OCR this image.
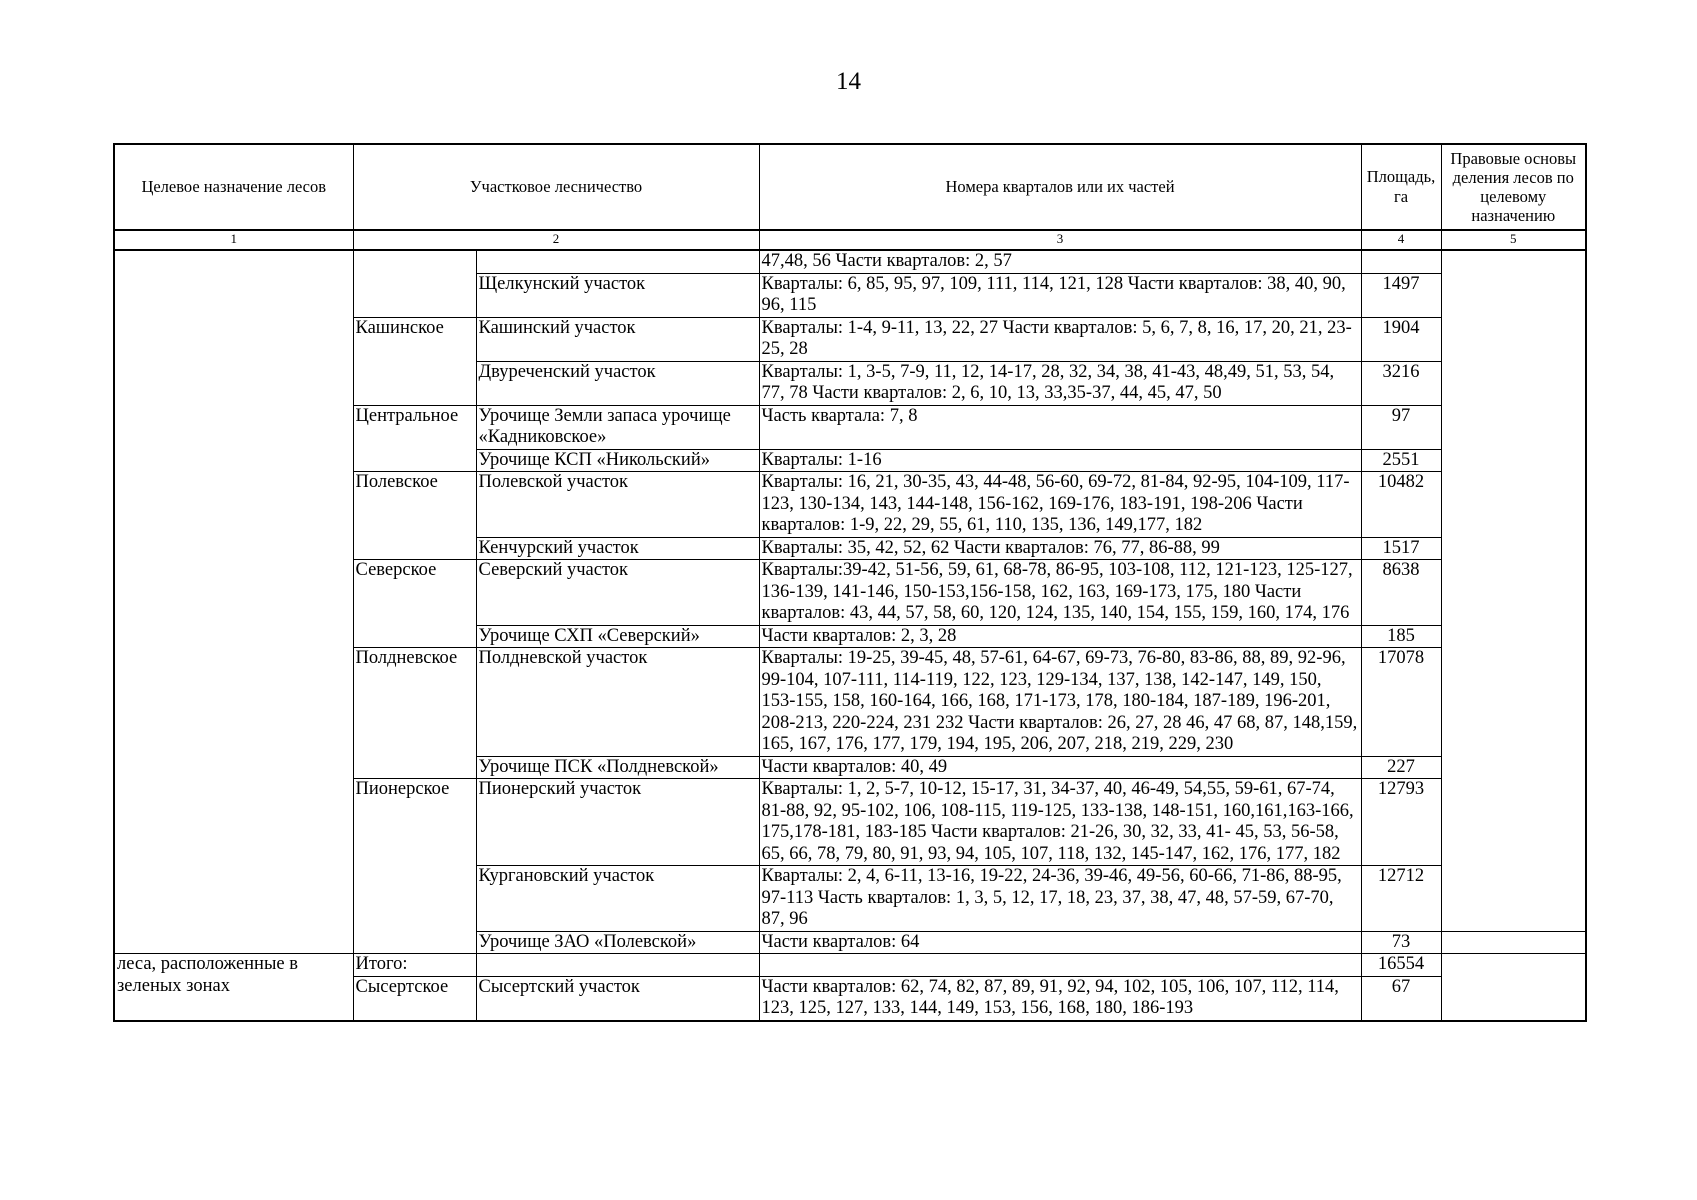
14
Целевое назначение лесов	Участковое лесничество		Номера кварталов или их частей	Площадь, га	Правовые основы деления лесов по целевому назначению
1	2		3	4	5
			47,48, 56 Части кварталов: 2, 57		
		Щелкунский участок	Кварталы: 6, 85, 95, 97, 109, 111, 114, 121, 128 Части кварталов: 38, 40, 90, 96, 115	1497	
	Кашинское	Кашинский участок	Кварталы: 1-4, 9-11, 13, 22, 27 Части кварталов: 5, 6, 7, 8, 16, 17, 20, 21, 23-25, 28	1904	
		Двуреченский участок	Кварталы: 1, 3-5, 7-9, 11, 12, 14-17, 28, 32, 34, 38, 41-43, 48,49, 51, 53, 54, 77, 78 Части кварталов: 2, 6, 10, 13, 33,35-37, 44, 45, 47, 50	3216	
	Центральное	Урочище Земли запаса урочище «Кадниковское»	Часть квартала: 7, 8	97	
		Урочище КСП «Никольский»	Кварталы: 1-16	2551	
	Полевское	Полевской участок	Кварталы: 16, 21, 30-35, 43, 44-48, 56-60, 69-72, 81-84, 92-95, 104-109, 117-123, 130-134, 143, 144-148, 156-162, 169-176, 183-191, 198-206 Части кварталов: 1-9, 22, 29, 55, 61, 110, 135, 136, 149,177, 182	10482	
		Кенчурский участок	Кварталы: 35, 42, 52, 62 Части кварталов: 76, 77, 86-88, 99	1517	
	Северское	Северский участок	Кварталы:39-42, 51-56, 59, 61, 68-78, 86-95, 103-108, 112, 121-123, 125-127, 136-139, 141-146, 150-153,156-158, 162, 163, 169-173, 175, 180 Части кварталов: 43, 44, 57, 58, 60, 120, 124, 135, 140, 154, 155, 159, 160, 174, 176	8638	
		Урочище СХП «Северский»	Части кварталов: 2, 3, 28	185	
	Полдневское	Полдневской участок	Кварталы: 19-25, 39-45, 48, 57-61, 64-67, 69-73, 76-80, 83-86, 88, 89, 92-96, 99-104, 107-111, 114-119, 122, 123, 129-134, 137, 138, 142-147, 149, 150, 153-155, 158, 160-164, 166, 168, 171-173, 178, 180-184, 187-189, 196-201, 208-213, 220-224, 231 232 Части кварталов: 26, 27, 28 46, 47 68, 87, 148,159, 165, 167, 176, 177, 179, 194, 195, 206, 207, 218, 219, 229, 230	17078	
		Урочище ПСК «Полдневской»	Части кварталов: 40, 49	227	
	Пионерское	Пионерский участок	Кварталы: 1, 2, 5-7, 10-12, 15-17, 31, 34-37, 40, 46-49, 54,55, 59-61, 67-74, 81-88, 92, 95-102, 106, 108-115, 119-125, 133-138, 148-151, 160,161,163-166, 175,178-181, 183-185 Части кварталов: 21-26, 30, 32, 33, 41- 45, 53, 56-58, 65, 66, 78, 79, 80, 91, 93, 94, 105, 107, 118, 132, 145-147, 162, 176, 177, 182	12793	
		Кургановский участок	Кварталы: 2, 4, 6-11, 13-16, 19-22, 24-36, 39-46, 49-56, 60-66, 71-86, 88-95, 97-113 Часть кварталов: 1, 3, 5, 12, 17, 18, 23, 37, 38, 47, 48, 57-59, 67-70, 87, 96	12712	
		Урочище ЗАО «Полевской»	Части кварталов: 64	73	
леса, расположенные в зеленых зонах	Итого:			16554	
	Сысертское	Сысертский участок	Части кварталов: 62, 74, 82, 87, 89, 91, 92, 94, 102, 105, 106, 107, 112, 114, 123, 125, 127, 133, 144, 149, 153, 156, 168, 180, 186-193	67	
